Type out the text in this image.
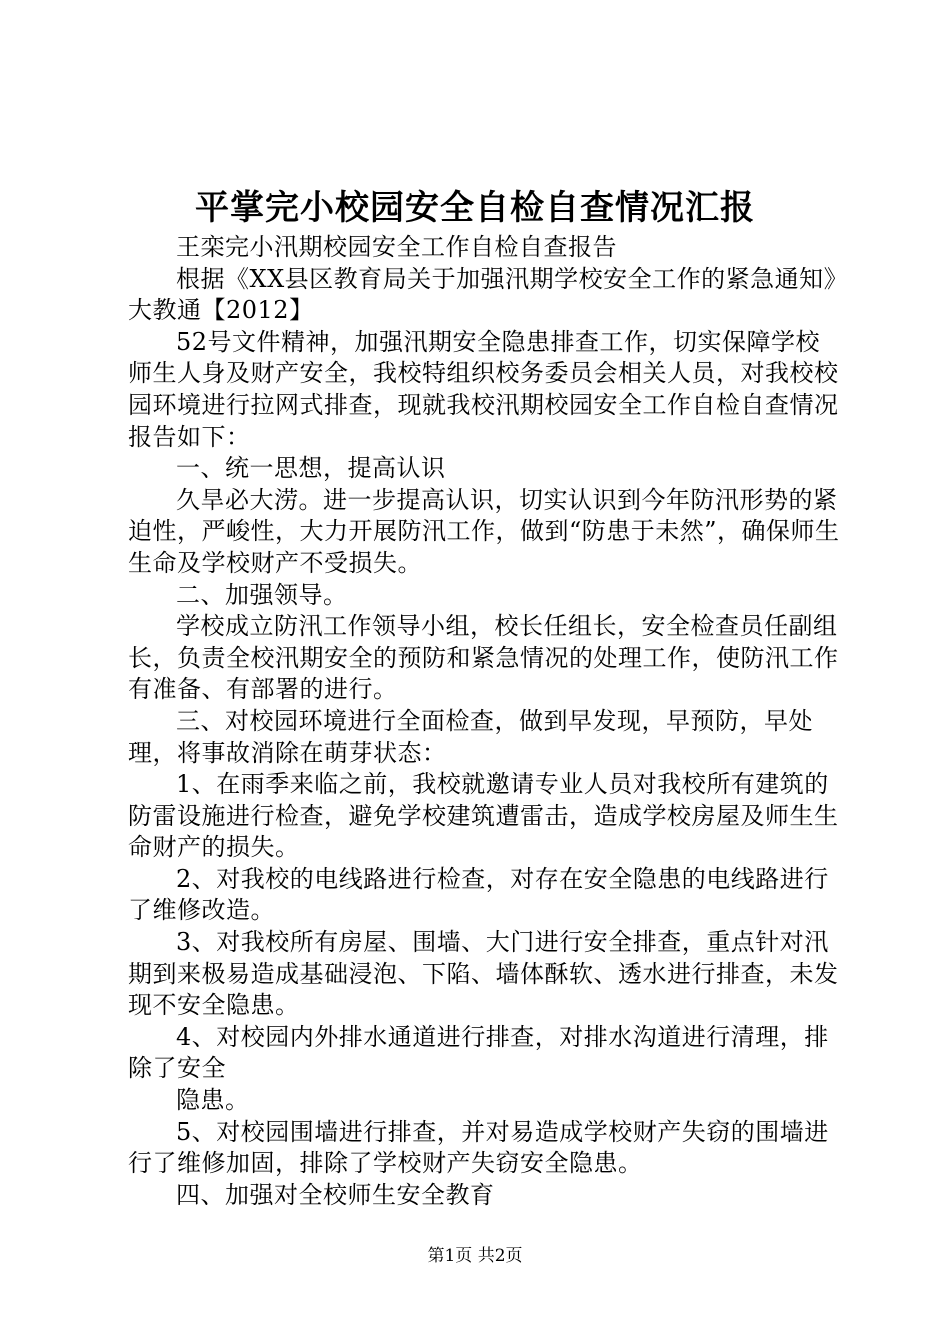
平掌完小校园安全自检自查情况汇报

王栾完小汛期校园安全工作自检自查报告

根据《XX县区教育局关于加强汛期学校安全工作的紧急通知》大教通【2012】

52号文件精神，加强汛期安全隐患排查工作，切实保障学校师生人身及财产安全，我校特组织校务委员会相关人员，对我校校园环境进行拉网式排查，现就我校汛期校园安全工作自检自查情况报告如下：

一、统一思想，提高认识

久旱必大涝。进一步提高认识，切实认识到今年防汛形势的紧迫性，严峻性，大力开展防汛工作，做到“防患于未然”，确保师生生命及学校财产不受损失。

二、加强领导。

学校成立防汛工作领导小组，校长任组长，安全检查员任副组长，负责全校汛期安全的预防和紧急情况的处理工作，使防汛工作有准备、有部署的进行。

三、对校园环境进行全面检查，做到早发现，早预防，早处理，将事故消除在萌芽状态：

1、在雨季来临之前，我校就邀请专业人员对我校所有建筑的防雷设施进行检查，避免学校建筑遭雷击，造成学校房屋及师生生命财产的损失。

2、对我校的电线路进行检查，对存在安全隐患的电线路进行了维修改造。

3、对我校所有房屋、围墙、大门进行安全排查，重点针对汛期到来极易造成基础浸泡、下陷、墙体酥软、透水进行排查，未发现不安全隐患。

4、对校园内外排水通道进行排查，对排水沟道进行清理，排除了安全

隐患。

5、对校园围墙进行排查，并对易造成学校财产失窃的围墙进行了维修加固，排除了学校财产失窃安全隐患。

四、加强对全校师生安全教育

第1页 共2页
